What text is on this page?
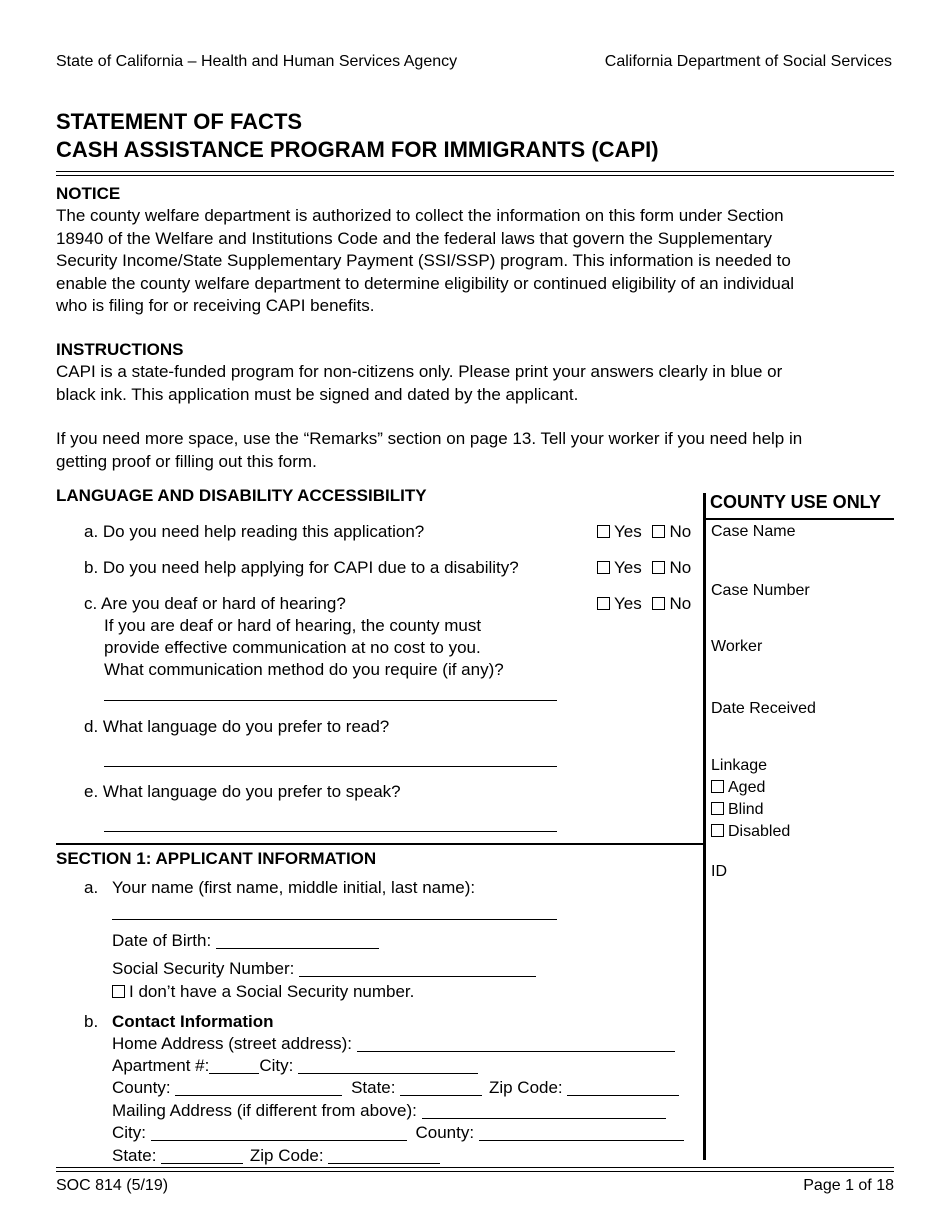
State of California – Health and Human Services Agency	California Department of Social Services
STATEMENT OF FACTS
CASH ASSISTANCE PROGRAM FOR IMMIGRANTS (CAPI)
NOTICE
The county welfare department is authorized to collect the information on this form under Section
18940 of the Welfare and Institutions Code and the federal laws that govern the Supplementary
Security Income/State Supplementary Payment (SSI/SSP) program. This information is needed to
enable the county welfare department to determine eligibility or continued eligibility of an individual
who is filing for or receiving CAPI benefits.
INSTRUCTIONS
CAPI is a state-funded program for non-citizens only. Please print your answers clearly in blue or
black ink. This application must be signed and dated by the applicant.
If you need more space, use the “Remarks” section on page 13. Tell your worker if you need help in
getting proof or filling out this form.
LANGUAGE AND DISABILITY ACCESSIBILITY
a. Do you need help reading this application?	Yes No
b. Do you need help applying for CAPI due to a disability?	Yes No
c. Are you deaf or hard of hearing?	Yes No
If you are deaf or hard of hearing, the county must
provide effective communication at no cost to you.
What communication method do you require (if any)?
d. What language do you prefer to read?
e. What language do you prefer to speak?
COUNTY USE ONLY
Case Name
Case Number
Worker
Date Received
Linkage
Aged
Blind
Disabled
ID
SECTION 1: APPLICANT INFORMATION
a. Your name (first name, middle initial, last name):
Date of Birth:
Social Security Number:
I don’t have a Social Security number.
b. Contact Information
Home Address (street address):
Apartment #:	City:
County:	State:	Zip Code:
Mailing Address (if different from above):
City:	County:
State:	Zip Code:
SOC 814 (5/19)	Page 1 of 18
